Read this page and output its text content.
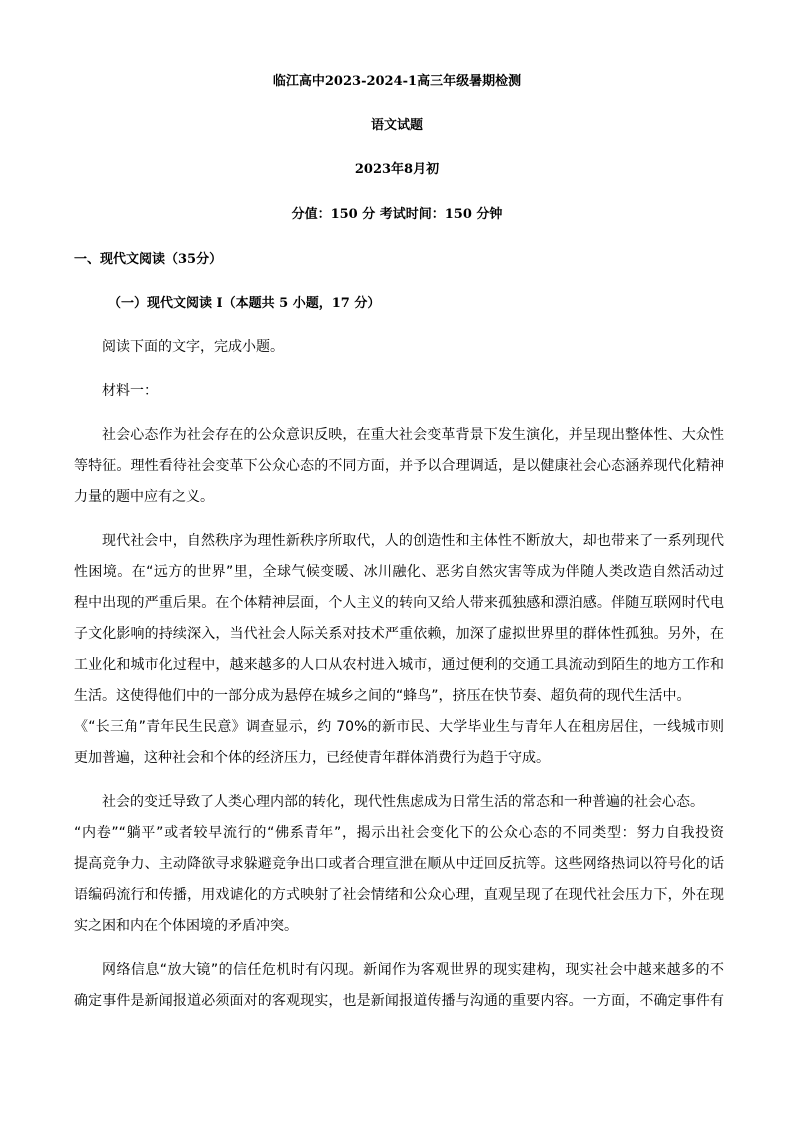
临江高中2023-2024-1高三年级暑期检测
语文试题
2023年8月初
分值：150 分 考试时间：150 分钟
一、现代文阅读（35分）
（一）现代文阅读 I（本题共 5 小题，17 分）
阅读下面的文字，完成小题。
材料一：
社会心态作为社会存在的公众意识反映，在重大社会变革背景下发生演化，并呈现出整体性、大众性
等特征。理性看待社会变革下公众心态的不同方面，并予以合理调适，是以健康社会心态涵养现代化精神
力量的题中应有之义。
现代社会中，自然秩序为理性新秩序所取代，人的创造性和主体性不断放大，却也带来了一系列现代
性困境。在“远方的世界”里，全球气候变暖、冰川融化、恶劣自然灾害等成为伴随人类改造自然活动过
程中出现的严重后果。在个体精神层面，个人主义的转向又给人带来孤独感和漂泊感。伴随互联网时代电
子文化影响的持续深入，当代社会人际关系对技术严重依赖，加深了虚拟世界里的群体性孤独。另外，在
工业化和城市化过程中，越来越多的人口从农村进入城市，通过便利的交通工具流动到陌生的地方工作和
生活。这使得他们中的一部分成为悬停在城乡之间的“蜂鸟”，挤压在快节奏、超负荷的现代生活中。
《“长三角”青年民生民意》调查显示，约 70%的新市民、大学毕业生与青年人在租房居住，一线城市则
更加普遍，这种社会和个体的经济压力，已经使青年群体消费行为趋于守成。
社会的变迁导致了人类心理内部的转化，现代性焦虑成为日常生活的常态和一种普遍的社会心态。
“内卷”“躺平”或者较早流行的“佛系青年”，揭示出社会变化下的公众心态的不同类型：努力自我投资
提高竞争力、主动降欲寻求躲避竞争出口或者合理宣泄在顺从中迂回反抗等。这些网络热词以符号化的话
语编码流行和传播，用戏谑化的方式映射了社会情绪和公众心理，直观呈现了在现代社会压力下，外在现
实之困和内在个体困境的矛盾冲突。
网络信息“放大镜”的信任危机时有闪现。新闻作为客观世界的现实建构，现实社会中越来越多的不
确定事件是新闻报道必须面对的客观现实，也是新闻报道传播与沟通的重要内容。一方面，不确定事件有
